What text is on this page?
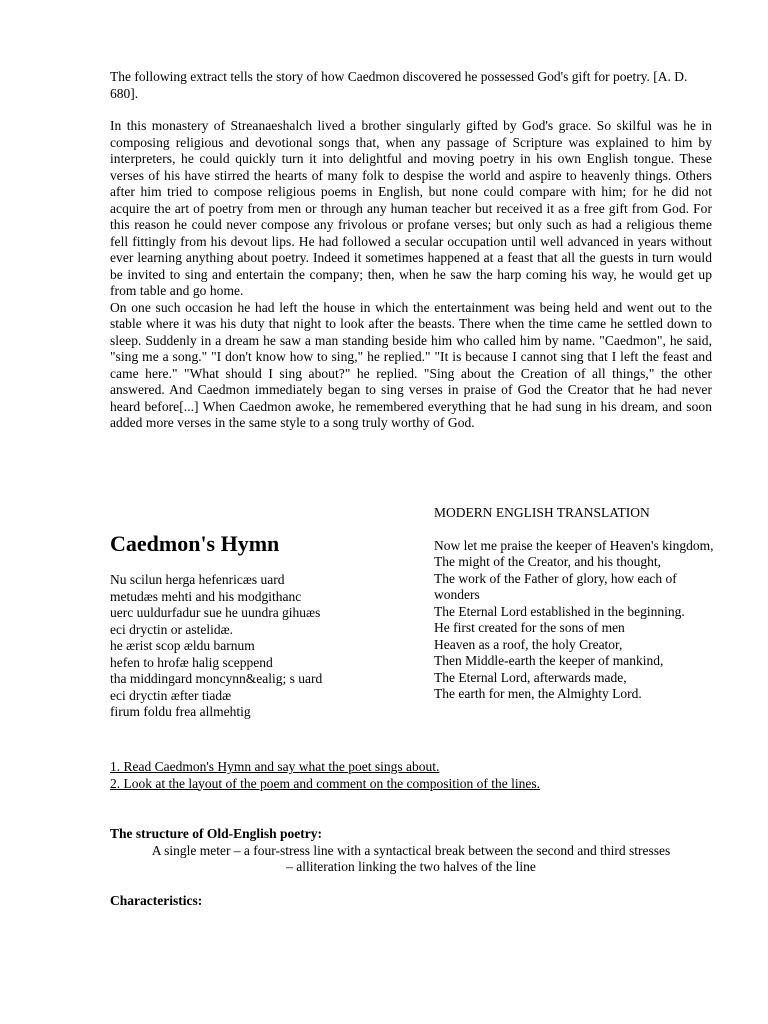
The following extract tells the story of how Caedmon discovered he possessed God's gift for poetry. [A. D. 680].

In this monastery of Streanaeshalch lived a brother singularly gifted by God's grace. So skilful was he in composing religious and devotional songs that, when any passage of Scripture was explained to him by interpreters, he could quickly turn it into delightful and moving poetry in his own English tongue. These verses of his have stirred the hearts of many folk to despise the world and aspire to heavenly things. Others after him tried to compose religious poems in English, but none could compare with him; for he did not acquire the art of poetry from men or through any human teacher but received it as a free gift from God. For this reason he could never compose any frivolous or profane verses; but only such as had a religious theme fell fittingly from his devout lips. He had followed a secular occupation until well advanced in years without ever learning anything about poetry. Indeed it sometimes happened at a feast that all the guests in turn would be invited to sing and entertain the company; then, when he saw the harp coming his way, he would get up from table and go home.

On one such occasion he had left the house in which the entertainment was being held and went out to the stable where it was his duty that night to look after the beasts. There when the time came he settled down to sleep. Suddenly in a dream he saw a man standing beside him who called him by name. "Caedmon", he said, "sing me a song." "I don't know how to sing," he replied." "It is because I cannot sing that I left the feast and came here." "What should I sing about?" he replied. "Sing about the Creation of all things," the other answered. And Caedmon immediately began to sing verses in praise of God the Creator that he had never heard before[...] When Caedmon awoke, he remembered everything that he had sung in his dream, and soon added more verses in the same style to a song truly worthy of God.

Caedmon's Hymn
Nu scilun herga hefenricæs uard
metudæs mehti and his modgithanc
uerc uuldurfadur sue he uundra gihuæs
eci dryctin or astelidæ.
he ærist scop ældu barnum
hefen to hrofæ halig sceppend
tha middingard moncynn&ealig; s uard
eci dryctin æfter tiadæ
firum foldu frea allmehtig
MODERN ENGLISH TRANSLATION
Now let me praise the keeper of Heaven's kingdom,
The might of the Creator, and his thought,
The work of the Father of glory, how each of wonders
The Eternal Lord established in the beginning.
He first created for the sons of men
Heaven as a roof, the holy Creator,
Then Middle-earth the keeper of mankind,
The Eternal Lord, afterwards made,
The earth for men, the Almighty Lord.
1. Read Caedmon's Hymn and say what the poet sings about.
2. Look at the layout of the poem and comment on the composition of the lines.
The structure of Old-English poetry:
A single meter – a four-stress line with a syntactical break between the second and third stresses
– alliteration linking the two halves of the line
Characteristics:
